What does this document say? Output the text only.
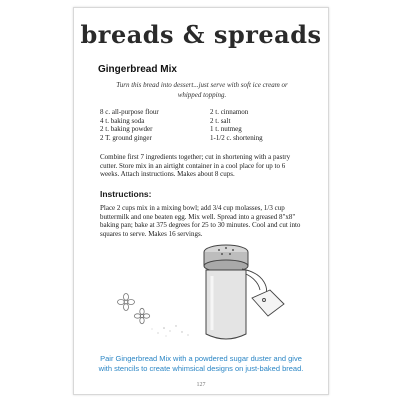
breads & spreads
Gingerbread Mix
Turn this bread into dessert...just serve with soft ice cream or whipped topping.
8 c. all-purpose flour
4 t. baking soda
2 t. baking powder
2 T. ground ginger
2 t. cinnamon
2 t. salt
1 t. nutmeg
1-1/2 c. shortening
Combine first 7 ingredients together; cut in shortening with a pastry cutter. Store mix in an airtight container in a cool place for up to 6 weeks. Attach instructions. Makes about 8 cups.
Instructions:
Place 2 cups mix in a mixing bowl; add 3/4 cup molasses, 1/3 cup buttermilk and one beaten egg. Mix well. Spread into a greased 8"x8" baking pan; bake at 375 degrees for 25 to 30 minutes. Cool and cut into squares to serve. Makes 16 servings.
Pair Gingerbread Mix with a powdered sugar duster and give with stencils to create whimsical designs on just-baked bread.
127
